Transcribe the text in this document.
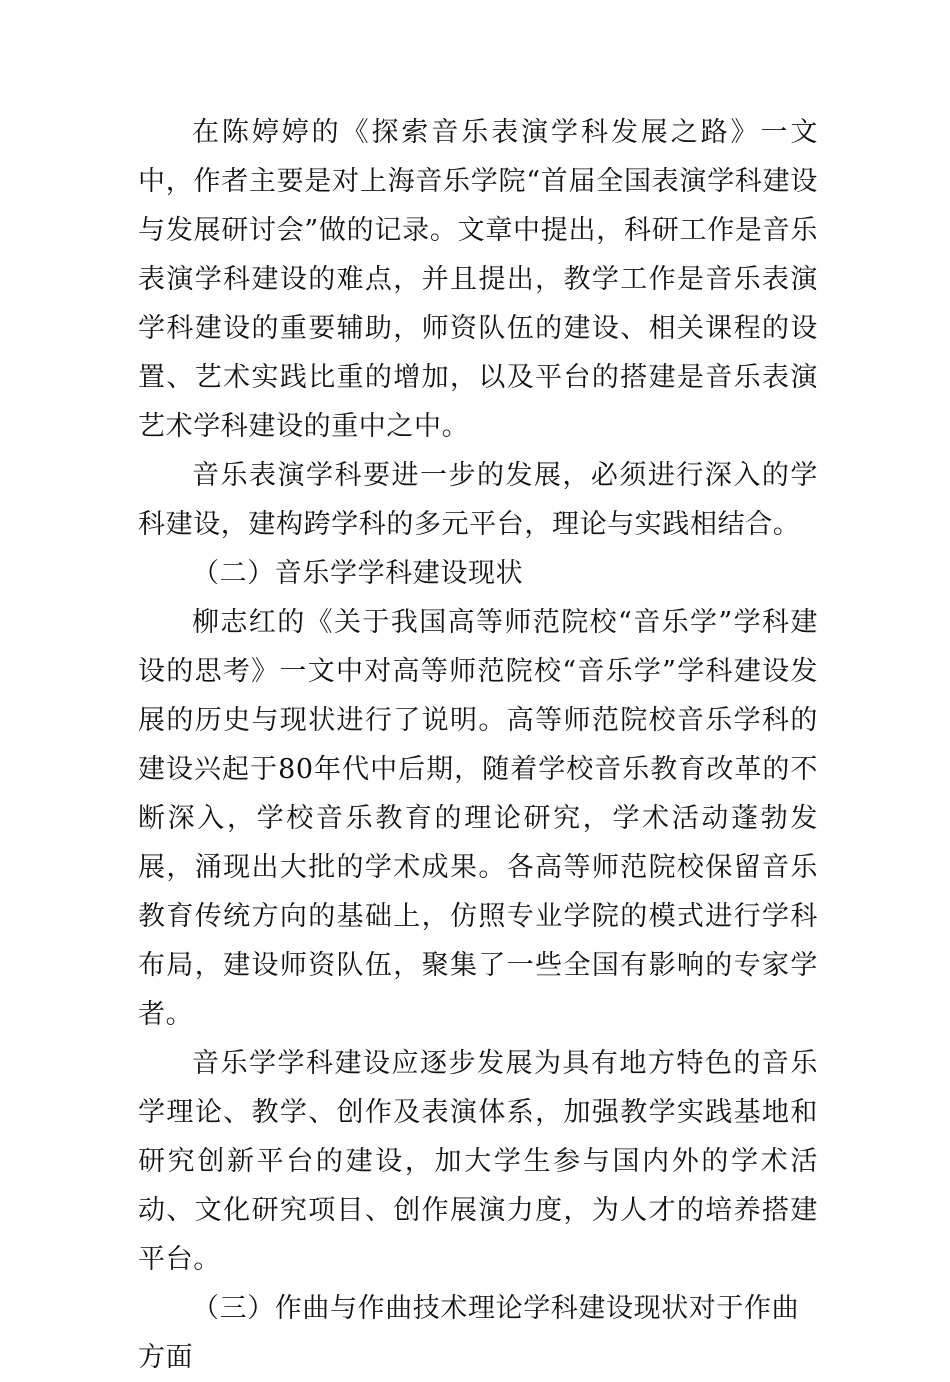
在陈婷婷的《探索音乐表演学科发展之路》一文中，作者主要是对上海音乐学院“首届全国表演学科建设与发展研讨会”做的记录。文章中提出，科研工作是音乐表演学科建设的难点，并且提出，教学工作是音乐表演学科建设的重要辅助，师资队伍的建设、相关课程的设置、艺术实践比重的增加，以及平台的搭建是音乐表演艺术学科建设的重中之中。

音乐表演学科要进一步的发展，必须进行深入的学科建设，建构跨学科的多元平台，理论与实践相结合。

（二）音乐学学科建设现状

柳志红的《关于我国高等师范院校“音乐学”学科建设的思考》一文中对高等师范院校“音乐学”学科建设发展的历史与现状进行了说明。高等师范院校音乐学科的建设兴起于80年代中后期，随着学校音乐教育改革的不断深入，学校音乐教育的理论研究，学术活动蓬勃发展，涌现出大批的学术成果。各高等师范院校保留音乐教育传统方向的基础上，仿照专业学院的模式进行学科布局，建设师资队伍，聚集了一些全国有影响的专家学者。

音乐学学科建设应逐步发展为具有地方特色的音乐学理论、教学、创作及表演体系，加强教学实践基地和研究创新平台的建设，加大学生参与国内外的学术活动、文化研究项目、创作展演力度，为人才的培养搭建平台。

（三）作曲与作曲技术理论学科建设现状对于作曲方面
